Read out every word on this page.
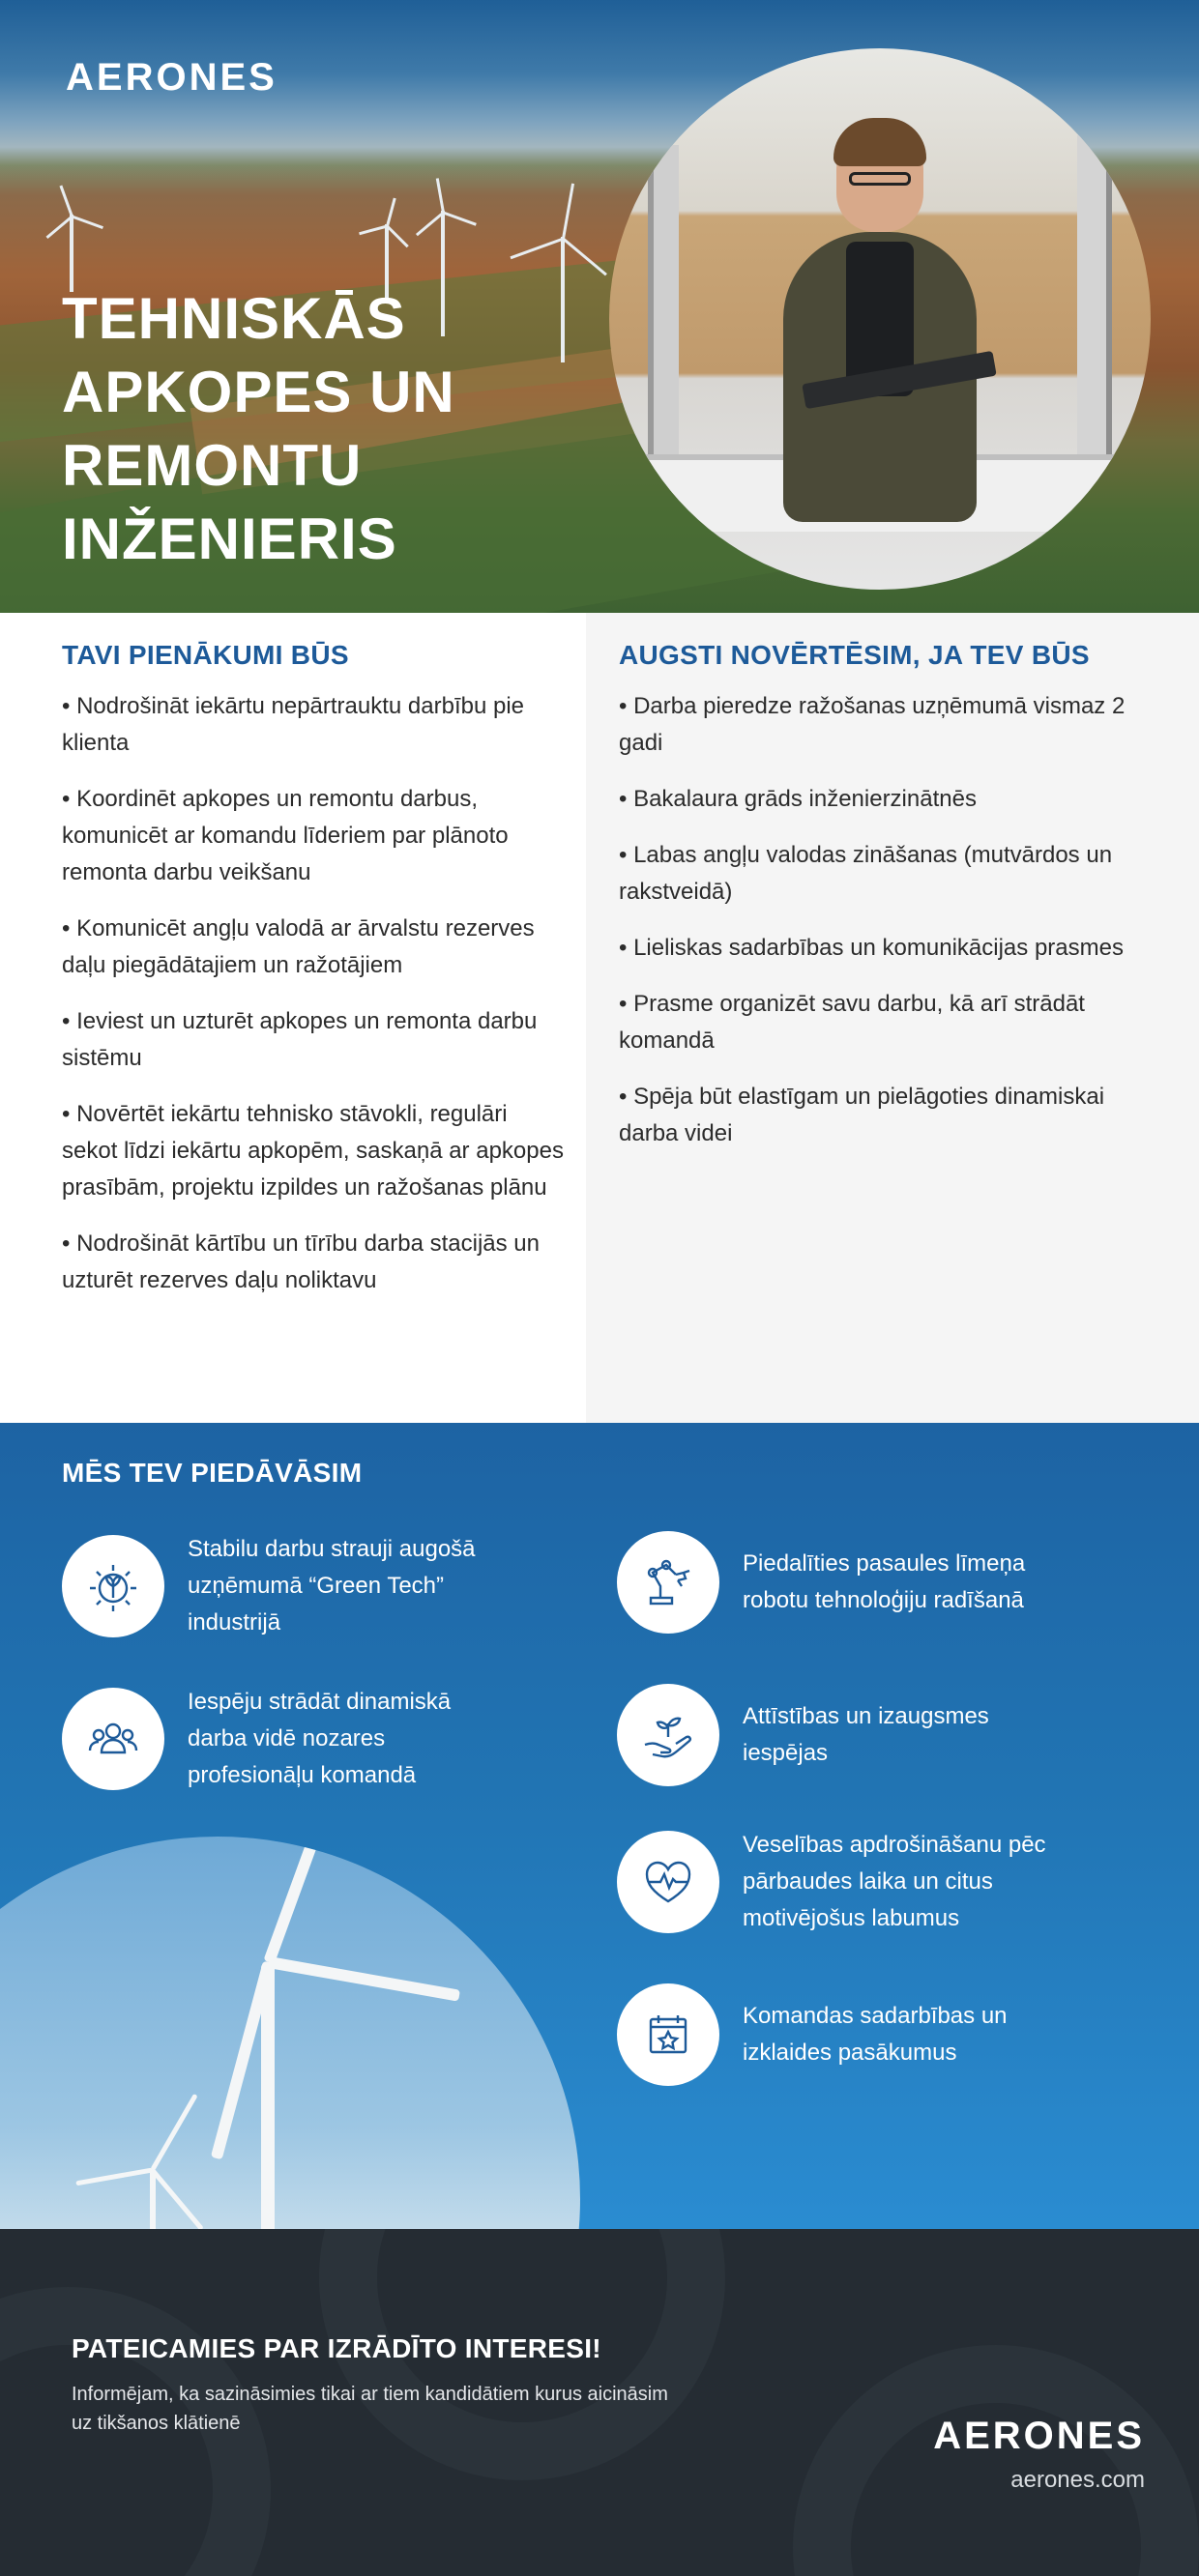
AERONES
TEHNISKĀS
APKOPES UN
REMONTU
INŽENIERIS
TAVI PIENĀKUMI BŪS

• Nodrošināt iekārtu nepārtrauktu darbību pie klienta

• Koordinēt apkopes un remontu darbus, komunicēt ar komandu līderiem par plānoto remonta darbu veikšanu

• Komunicēt angļu valodā ar ārvalstu rezerves daļu piegādātajiem un ražotājiem

• Ieviest un uzturēt apkopes un remonta darbu sistēmu

• Novērtēt iekārtu tehnisko stāvokli, regulāri sekot līdzi iekārtu apkopēm, saskaņā ar apkopes prasībām, projektu izpildes un ražošanas plānu

• Nodrošināt kārtību un tīrību darba stacijās un uzturēt rezerves daļu noliktavu

AUGSTI NOVĒRTĒSIM, JA TEV BŪS

• Darba pieredze ražošanas uzņēmumā vismaz 2 gadi

• Bakalaura grāds inženierzinātnēs

• Labas angļu valodas zināšanas (mutvārdos un rakstveidā)

• Lieliskas sadarbības un komunikācijas prasmes

• Prasme organizēt savu darbu, kā arī strādāt komandā

• Spēja būt elastīgam un pielāgoties dinamiskai darba videi

MĒS TEV PIEDĀVĀSIM
Stabilu darbu strauji augošā uzņēmumā “Green Tech” industrijā
Piedalīties pasaules līmeņa robotu tehnoloģiju radīšanā
Iespēju strādāt dinamiskā darba vidē nozares profesionāļu komandā
Attīstības un izaugsmes iespējas
Veselības apdrošināšanu pēc pārbaudes laika un citus motivējošus labumus
Komandas sadarbības un izklaides pasākumus
PATEICAMIES PAR IZRĀDĪTO INTERESI!

Informējam, ka sazināsimies tikai ar tiem kandidātiem kurus aicināsim uz tikšanos klātienē	AERONES
aerones.com
